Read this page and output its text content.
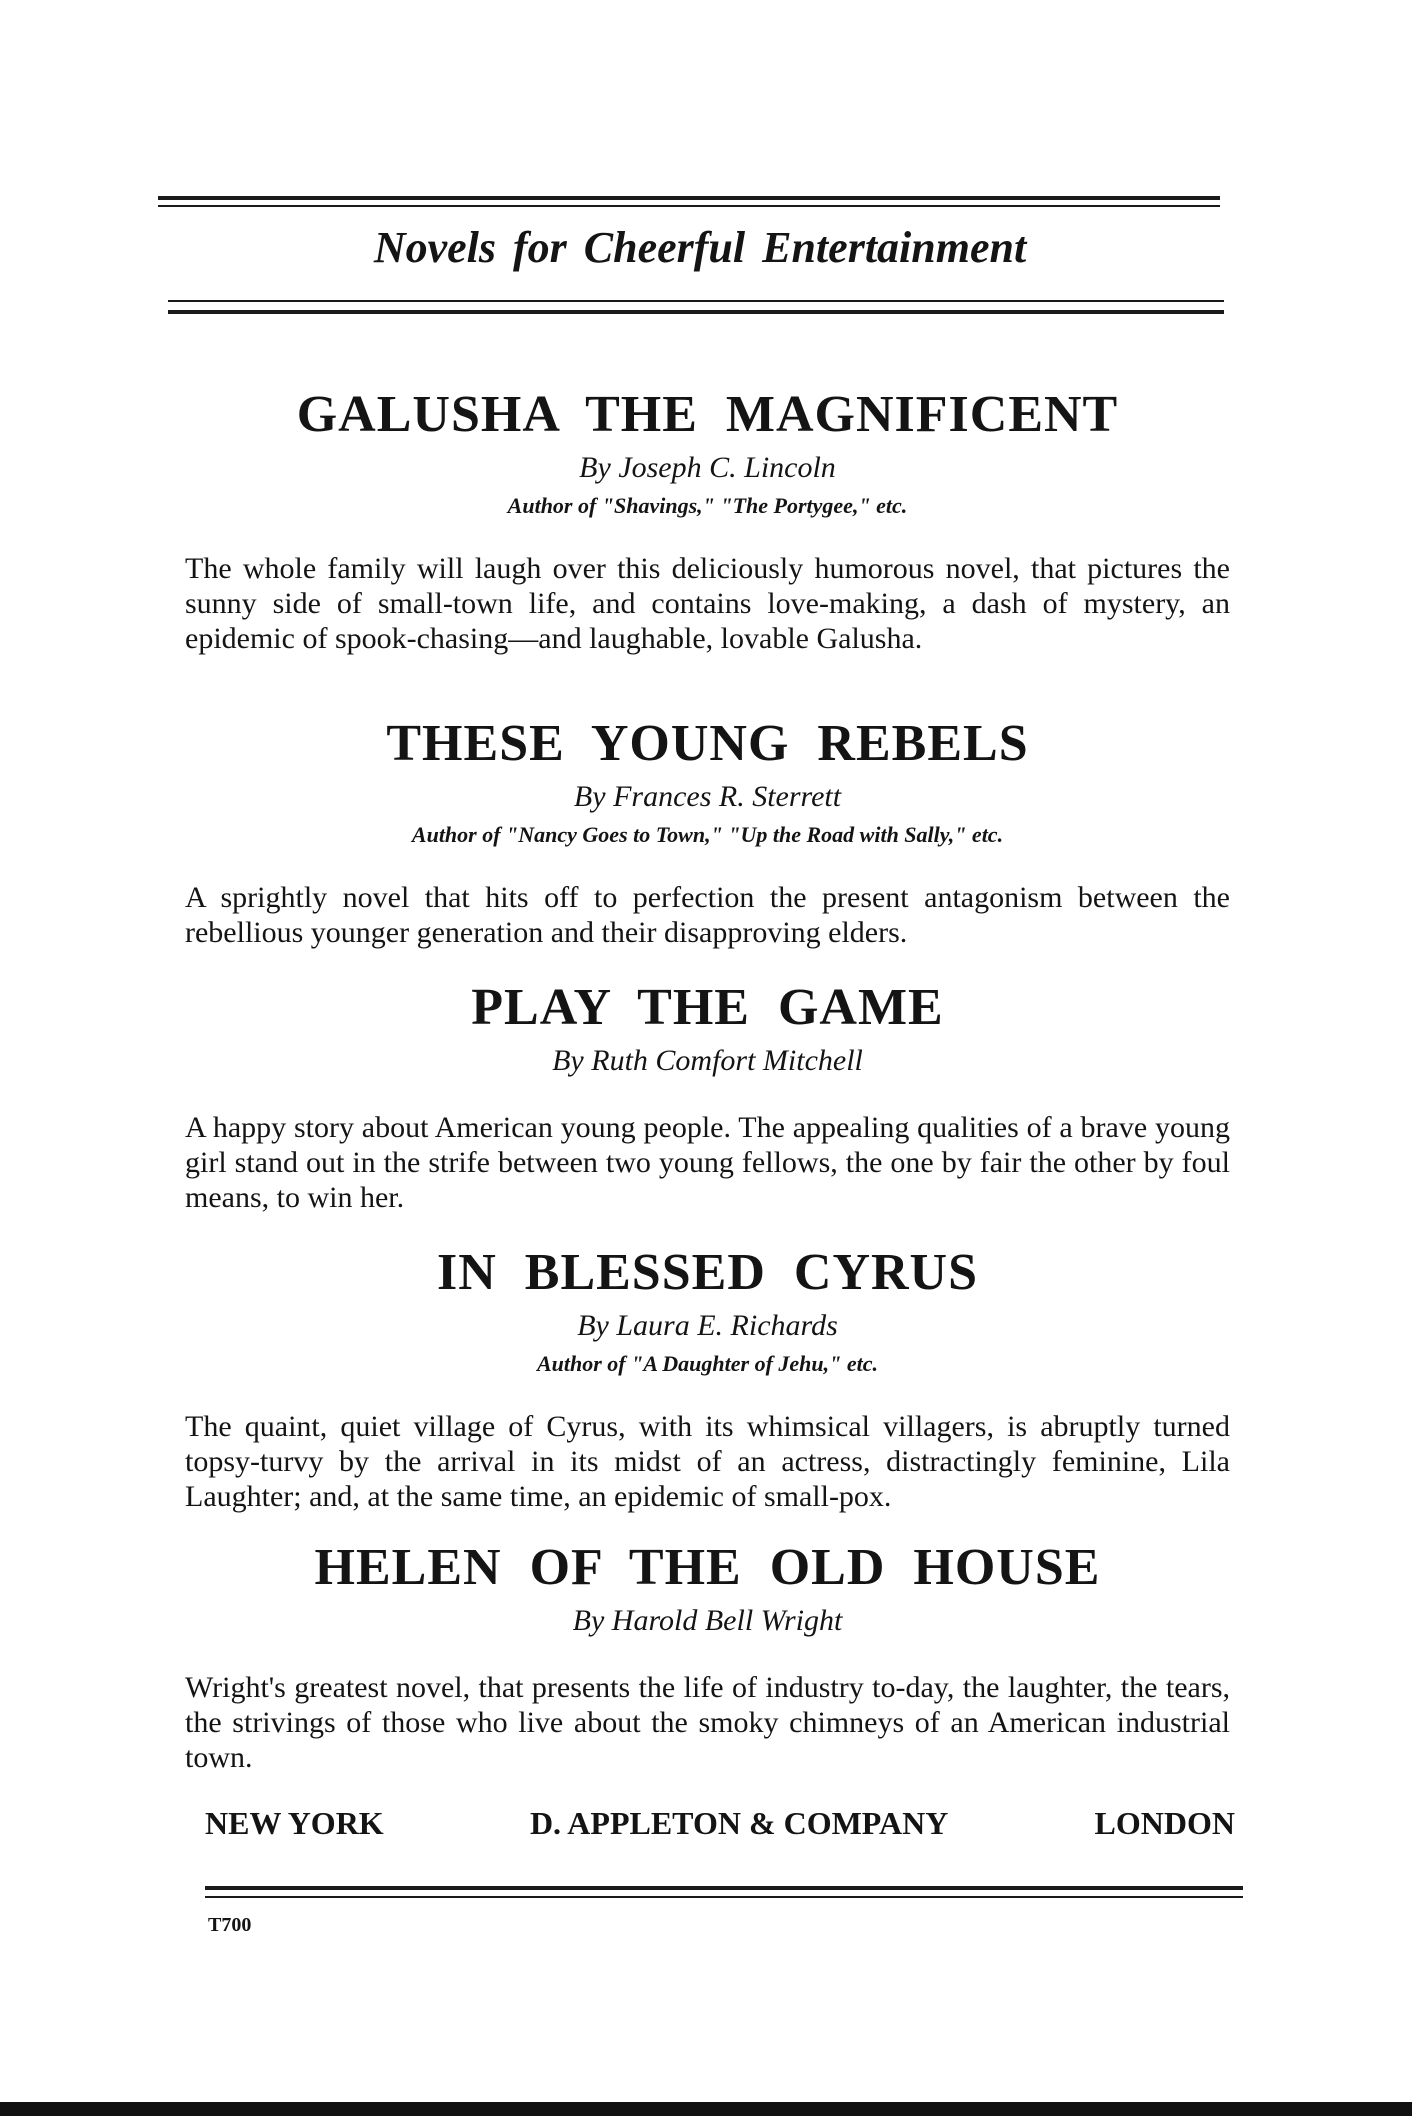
Novels for Cheerful Entertainment
GALUSHA THE MAGNIFICENT
By Joseph C. Lincoln
Author of "Shavings," "The Portygee," etc.
The whole family will laugh over this deliciously humorous novel, that pictures the sunny side of small-town life, and contains love-making, a dash of mystery, an epidemic of spook-chasing—and laughable, lovable Galusha.
THESE YOUNG REBELS
By Frances R. Sterrett
Author of "Nancy Goes to Town," "Up the Road with Sally," etc.
A sprightly novel that hits off to perfection the present antagonism between the rebellious younger generation and their disapproving elders.
PLAY THE GAME
By Ruth Comfort Mitchell
A happy story about American young people. The appealing qualities of a brave young girl stand out in the strife between two young fellows, the one by fair the other by foul means, to win her.
IN BLESSED CYRUS
By Laura E. Richards
Author of "A Daughter of Jehu," etc.
The quaint, quiet village of Cyrus, with its whimsical villagers, is abruptly turned topsy-turvy by the arrival in its midst of an actress, distractingly feminine, Lila Laughter; and, at the same time, an epidemic of small-pox.
HELEN OF THE OLD HOUSE
By Harold Bell Wright
Wright's greatest novel, that presents the life of industry to-day, the laughter, the tears, the strivings of those who live about the smoky chimneys of an American industrial town.
NEW YORK	D. APPLETON & COMPANY	LONDON
T700
